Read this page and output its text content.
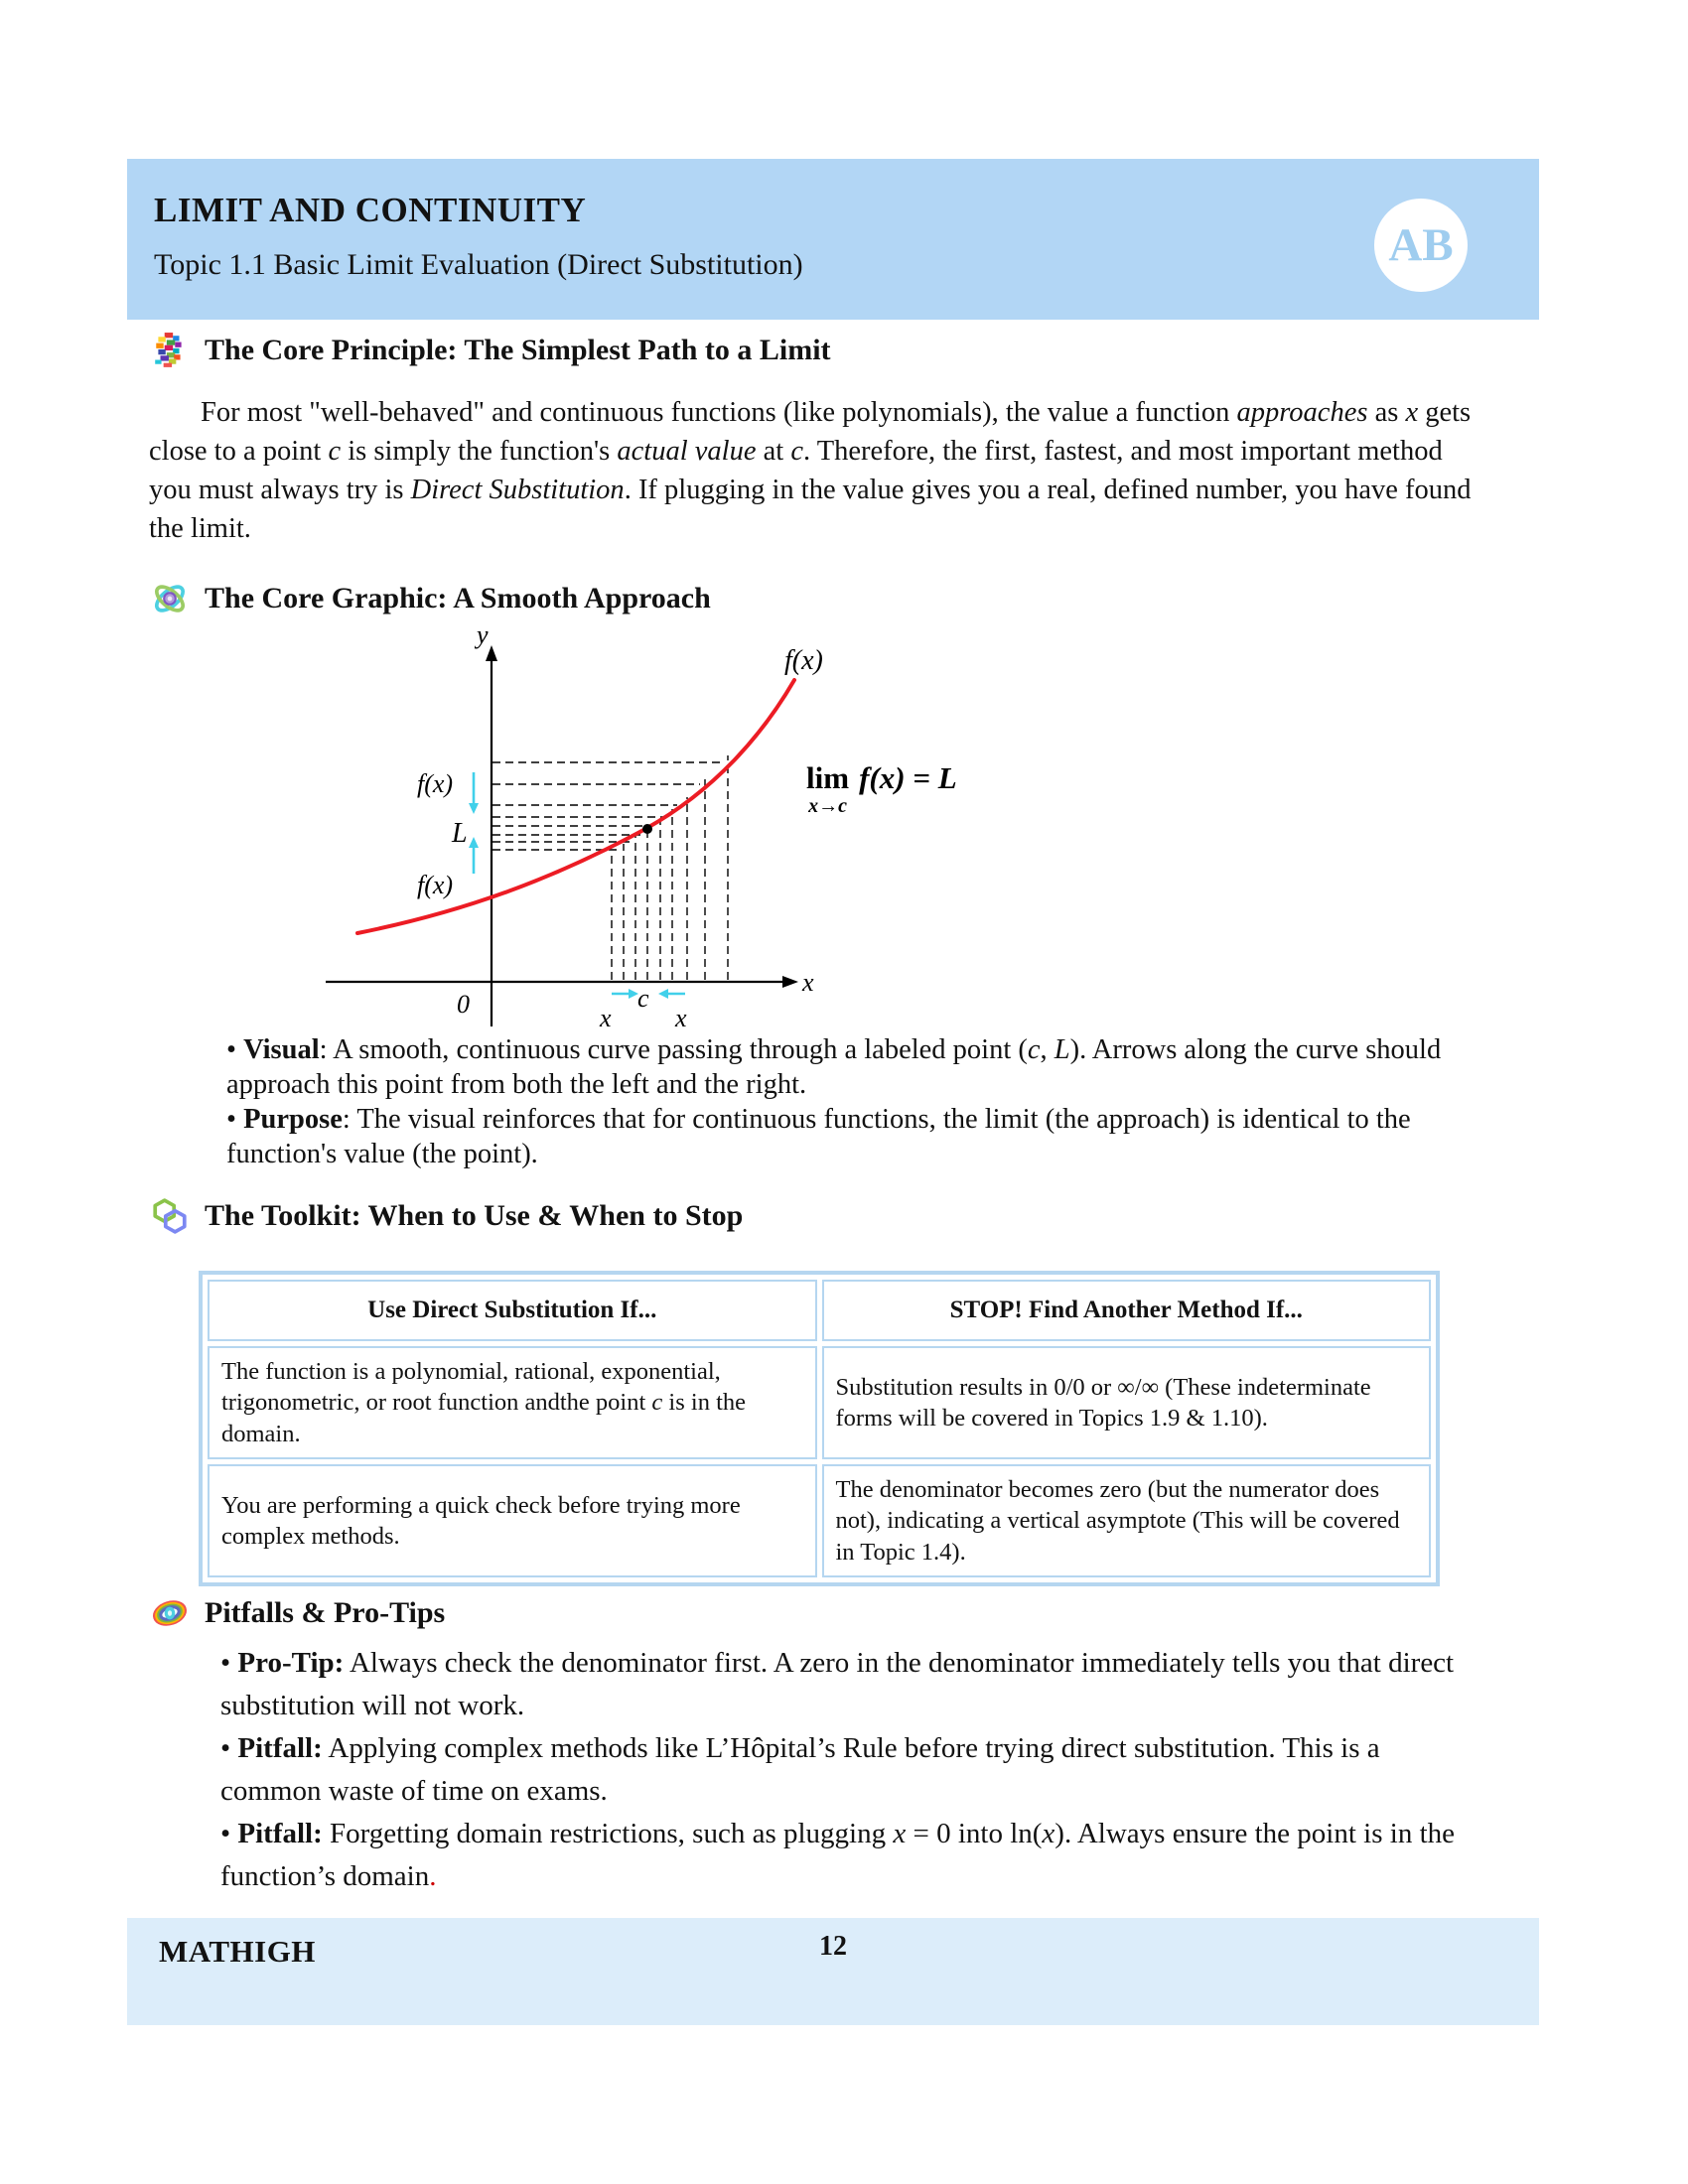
LIMIT AND CONTINUITY
Topic 1.1 Basic Limit Evaluation (Direct Substitution)	AB
The Core Principle: The Simplest Path to a Limit
For most "well-behaved" and continuous functions (like polynomials), the value a function approaches as x gets close to a point c is simply the function's actual value at c. Therefore, the first, fastest, and most important method you must always try is Direct Substitution. If plugging in the value gives you a real, defined number, you have found the limit.
The Core Graphic: A Smooth Approach
y
x
0
f(x)
L
f(x)
f(x)
c
x x
lim
x→c
f(x) = L
• Visual: A smooth, continuous curve passing through a labeled point (c, L). Arrows along the curve should approach this point from both the left and the right.
• Purpose: The visual reinforces that for continuous functions, the limit (the approach) is identical to the function's value (the point).
The Toolkit: When to Use & When to Stop
Use Direct Substitution If...	STOP! Find Another Method If...
The function is a polynomial, rational, exponential, trigonometric, or root function andthe point c is in the domain.	Substitution results in 0/0 or ∞/∞ (These indeterminate forms will be covered in Topics 1.9 & 1.10).
You are performing a quick check before trying more complex methods.	The denominator becomes zero (but the numerator does not), indicating a vertical asymptote (This will be covered in Topic 1.4).
Pitfalls & Pro-Tips
• Pro-Tip: Always check the denominator first. A zero in the denominator immediately tells you that direct substitution will not work.
• Pitfall: Applying complex methods like L’Hôpital’s Rule before trying direct substitution. This is a common waste of time on exams.
• Pitfall: Forgetting domain restrictions, such as plugging x = 0 into ln(x). Always ensure the point is in the function’s domain.
MATHIGH	12
